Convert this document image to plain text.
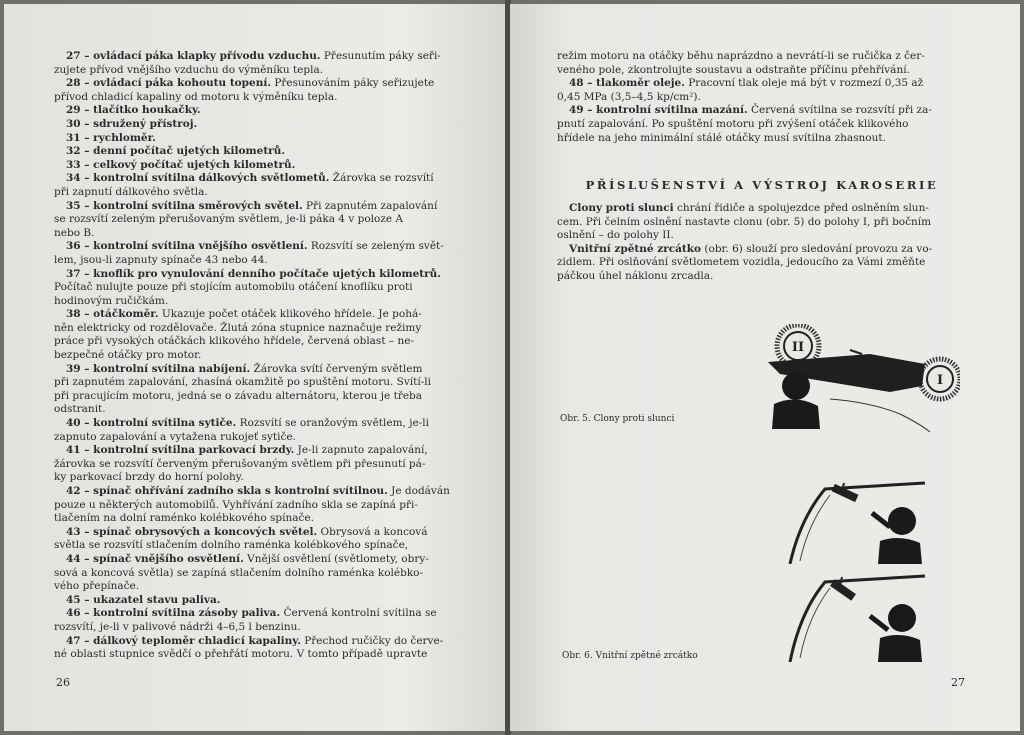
27 – ovládací páka klapky přívodu vzduchu. Přesunutím páky seři-

zujete přívod vnějšího vzduchu do výměníku tepla.

28 – ovládací páka kohoutu topení. Přesunováním páky seřizujete

přívod chladicí kapaliny od motoru k výměníku tepla.

29 – tlačítko houkačky.

30 – sdružený přístroj.

31 – rychloměr.

32 – denní počítač ujetých kilometrů.

33 – celkový počítač ujetých kilometrů.

34 – kontrolní svítilna dálkových světlometů. Žárovka se rozsvítí

při zapnutí dálkového světla.

35 – kontrolní svítilna směrových světel. Při zapnutém zapalování

se rozsvítí zeleným přerušovaným světlem, je-li páka 4 v poloze A

nebo B.

36 – kontrolní svítilna vnějšího osvětlení. Rozsvítí se zeleným svět-

lem, jsou-li zapnuty spínače 43 nebo 44.

37 – knoflík pro vynulování denního počítače ujetých kilometrů.

Počítač nulujte pouze při stojícím automobilu otáčení knoflíku proti

hodinovým ručičkám.

38 – otáčkoměr. Ukazuje počet otáček klikového hřídele. Je pohá-

něn elektricky od rozdělovače. Žlutá zóna stupnice naznačuje režimy

práce při vysokých otáčkách klikového hřídele, červená oblast – ne-

bezpečné otáčky pro motor.

39 – kontrolní svítilna nabíjení. Žárovka svítí červeným světlem

při zapnutém zapalování, zhasíná okamžitě po spuštění motoru. Svítí-li

při pracujícím motoru, jedná se o závadu alternátoru, kterou je třeba

odstranit.

40 – kontrolní svítilna sytiče. Rozsvítí se oranžovým světlem, je-li

zapnuto zapalování a vytažena rukojeť sytiče.

41 – kontrolní svítilna parkovací brzdy. Je-li zapnuto zapalování,

žárovka se rozsvítí červeným přerušovaným světlem při přesunutí pá-

ky parkovací brzdy do horní polohy.

42 – spínač ohřívání zadního skla s kontrolní svítilnou. Je dodáván

pouze u některých automobilů. Vyhřívání zadního skla se zapíná při-

tlačením na dolní raménko kolébkového spínače.

43 – spínač obrysových a koncových světel. Obrysová a koncová

světla se rozsvítí stlačením dolního raménka kolébkového spínače,

44 – spínač vnějšího osvětlení. Vnější osvětlení (světlomety, obry-

sová a koncová světla) se zapíná stlačením dolního raménka kolébko-

vého přepínače.

45 – ukazatel stavu paliva.

46 – kontrolní svítilna zásoby paliva. Červená kontrolní svítilna se

rozsvítí, je-li v palivové nádrži 4–6,5 l benzinu.

47 – dálkový teploměr chladicí kapaliny. Přechod ručičky do červe-

né oblasti stupnice svědčí o přehřátí motoru. V tomto případě upravte

26

režim motoru na otáčky běhu naprázdno a nevrátí-li se ručička z čer-

veného pole, zkontrolujte soustavu a odstraňte příčinu přehřívání.

48 – tlakoměr oleje. Pracovní tlak oleje má být v rozmezí 0,35 až

0,45 MPa (3,5–4,5 kp/cm²).

49 – kontrolní svítilna mazání. Červená svítilna se rozsvítí při za-

pnutí zapalování. Po spuštění motoru při zvýšení otáček klikového

hřídele na jeho minimální stálé otáčky musí svítilna zhasnout.

PŘÍSLUŠENSTVÍ A VÝSTROJ KAROSERIE

Clony proti slunci chrání řidiče a spolujezdce před oslněním slun-

cem. Při čelním oslnění nastavte clonu (obr. 5) do polohy I, při bočním

oslnění – do polohy II.

Vnitřní zpětné zrcátko (obr. 6) slouží pro sledování provozu za vo-

zidlem. Při oslňování světlometem vozidla, jedoucího za Vámi změňte

páčkou úhel náklonu zrcadla.

II
I
Obr. 5. Clony proti slunci
Obr. 6. Vnitřní zpětné zrcátko
27
